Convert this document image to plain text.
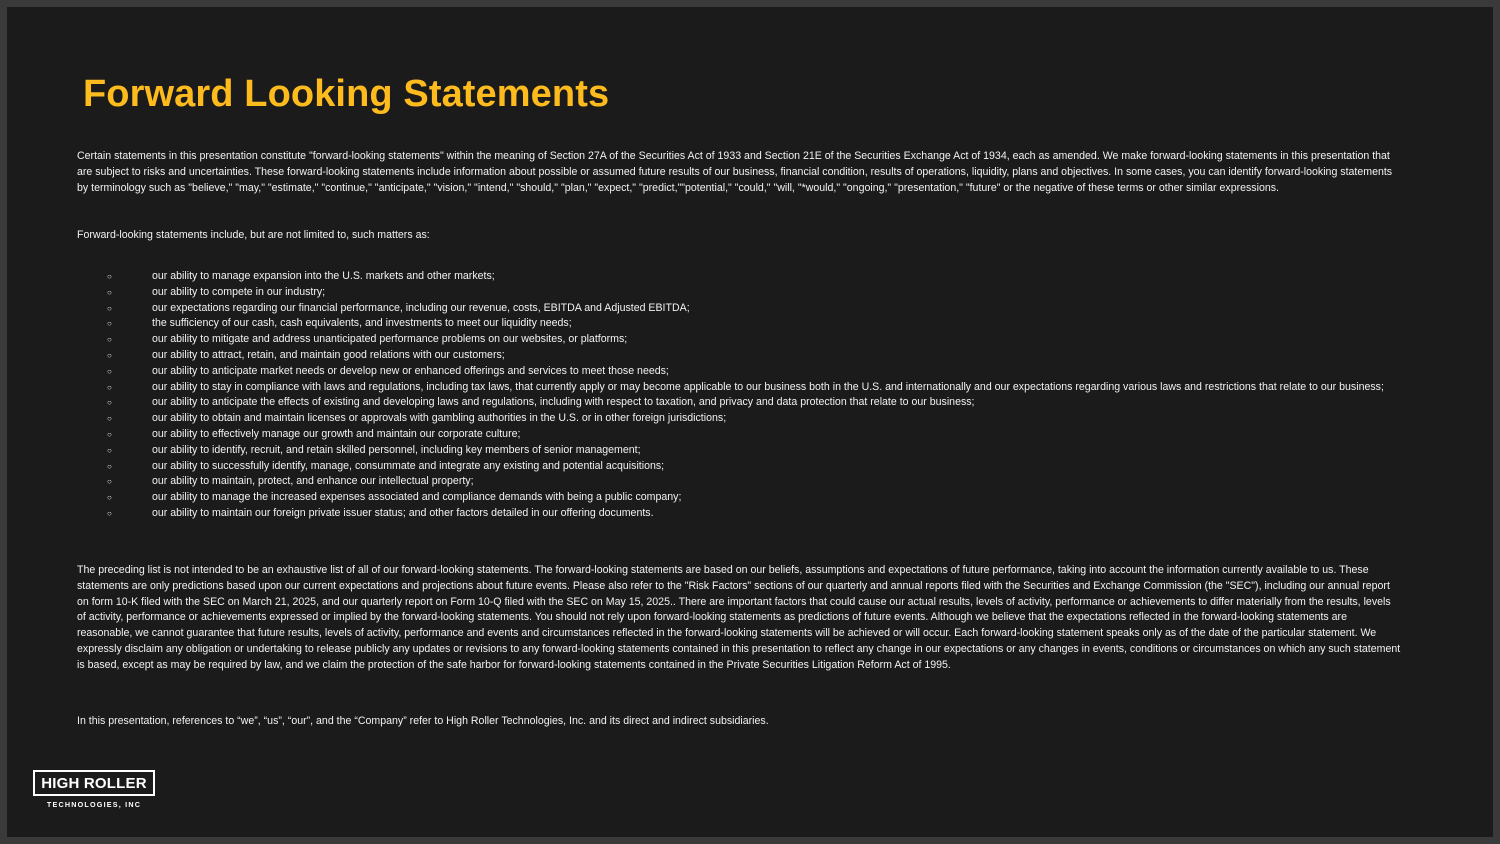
Forward Looking Statements

Certain statements in this presentation constitute "forward-looking statements" within the meaning of Section 27A of the Securities Act of 1933 and Section 21E of the Securities Exchange Act of 1934, each as amended. We make forward-looking statements in this presentation that are subject to risks and uncertainties. These forward-looking statements include information about possible or assumed future results of our business, financial condition, results of operations, liquidity, plans and objectives. In some cases, you can identify forward-looking statements by terminology such as "believe," "may," "estimate," "continue," "anticipate," "vision," "intend," "should," "plan," "expect," "predict,""potential," "could," "will, "*would," "ongoing," "presentation," "future" or the negative of these terms or other similar expressions.

Forward-looking statements include, but are not limited to, such matters as:

○	our ability to manage expansion into the U.S. markets and other markets;
○	our ability to compete in our industry;
○	our expectations regarding our financial performance, including our revenue, costs, EBITDA and Adjusted EBITDA;
○	the sufficiency of our cash, cash equivalents, and investments to meet our liquidity needs;
○	our ability to mitigate and address unanticipated performance problems on our websites, or platforms;
○	our ability to attract, retain, and maintain good relations with our customers;
○	our ability to anticipate market needs or develop new or enhanced offerings and services to meet those needs;
○	our ability to stay in compliance with laws and regulations, including tax laws, that currently apply or may become applicable to our business both in the U.S. and internationally and our expectations regarding various laws and restrictions that relate to our business;
○	our ability to anticipate the effects of existing and developing laws and regulations, including with respect to taxation, and privacy and data protection that relate to our business;
○	our ability to obtain and maintain licenses or approvals with gambling authorities in the U.S. or in other foreign jurisdictions;
○	our ability to effectively manage our growth and maintain our corporate culture;
○	our ability to identify, recruit, and retain skilled personnel, including key members of senior management;
○	our ability to successfully identify, manage, consummate and integrate any existing and potential acquisitions;
○	our ability to maintain, protect, and enhance our intellectual property;
○	our ability to manage the increased expenses associated and compliance demands with being a public company;
○	our ability to maintain our foreign private issuer status; and other factors detailed in our offering documents.

The preceding list is not intended to be an exhaustive list of all of our forward-looking statements. The forward-looking statements are based on our beliefs, assumptions and expectations of future performance, taking into account the information currently available to us. These statements are only predictions based upon our current expectations and projections about future events. Please also refer to the "Risk Factors" sections of our quarterly and annual reports filed with the Securities and Exchange Commission (the "SEC"), including our annual report on form 10-K filed with the SEC on March 21, 2025, and our quarterly report on Form 10-Q filed with the SEC on May 15, 2025.. There are important factors that could cause our actual results, levels of activity, performance or achievements to differ materially from the results, levels of activity, performance or achievements expressed or implied by the forward-looking statements. You should not rely upon forward-looking statements as predictions of future events. Although we believe that the expectations reflected in the forward-looking statements are reasonable, we cannot guarantee that future results, levels of activity, performance and events and circumstances reflected in the forward-looking statements will be achieved or will occur. Each forward-looking statement speaks only as of the date of the particular statement. We expressly disclaim any obligation or undertaking to release publicly any updates or revisions to any forward-looking statements contained in this presentation to reflect any change in our expectations or any changes in events, conditions or circumstances on which any such statement is based, except as may be required by law, and we claim the protection of the safe harbor for forward-looking statements contained in the Private Securities Litigation Reform Act of 1995.

In this presentation, references to “we”, “us”, “our”, and the “Company” refer to High Roller Technologies, Inc. and its direct and indirect subsidiaries.

HIGH ROLLER
TECHNOLOGIES, INC
